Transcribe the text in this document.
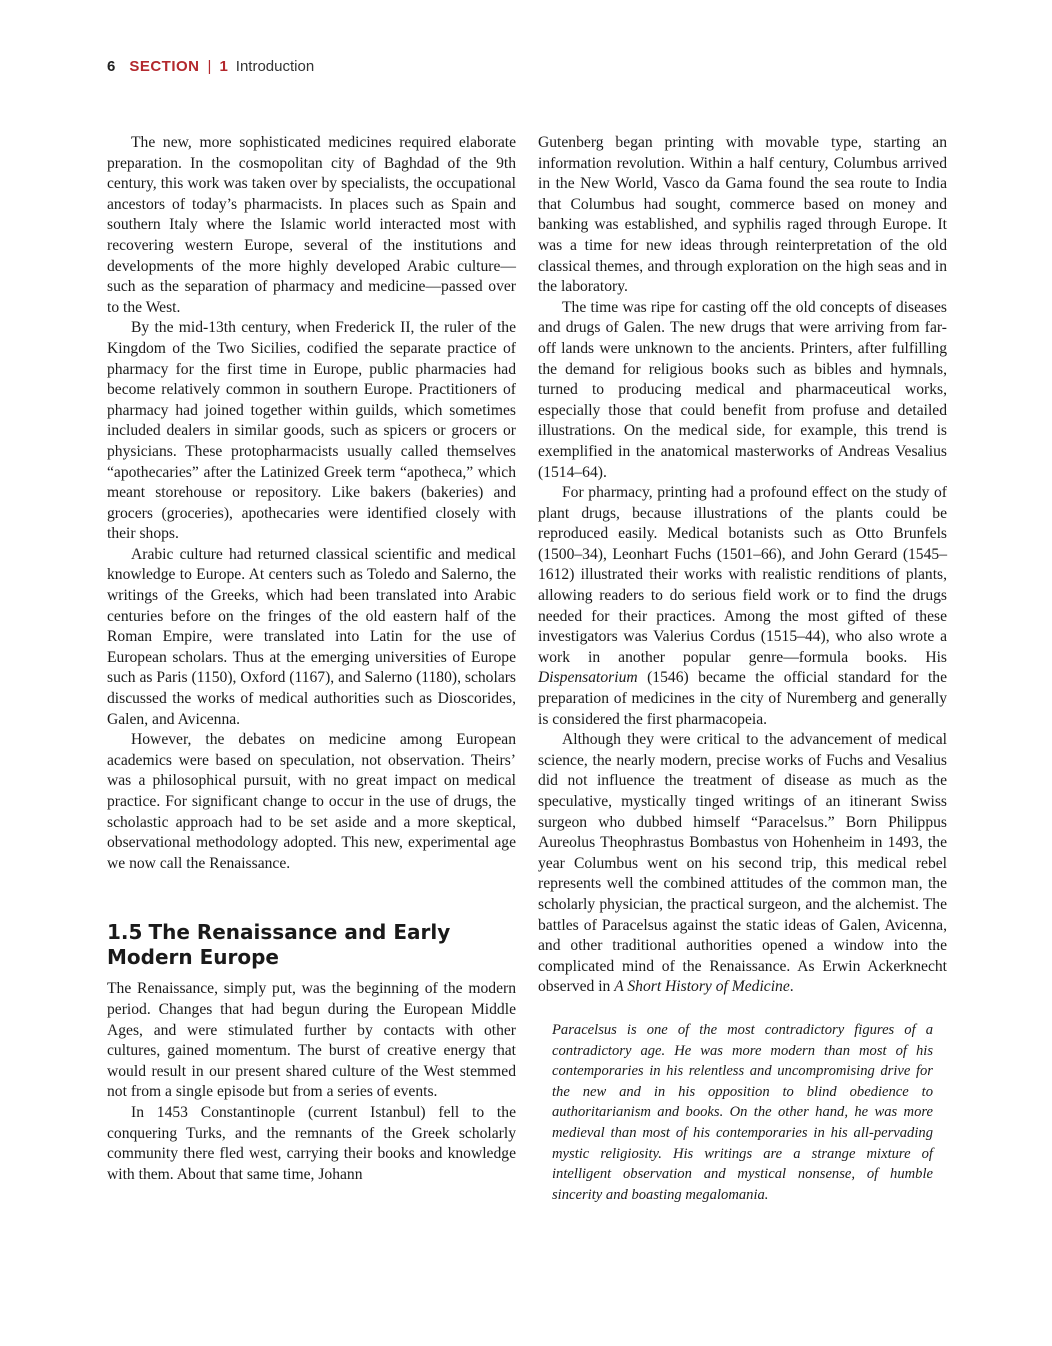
6 SECTION | 1 Introduction

The new, more sophisticated medicines required elaborate preparation. In the cosmopolitan city of Baghdad of the 9th century, this work was taken over by specialists, the occupational ancestors of today’s pharmacists. In places such as Spain and southern Italy where the Islamic world interacted most with recovering western Europe, several of the institutions and developments of the more highly developed Arabic culture—such as the separation of pharmacy and medicine—passed over to the West.

By the mid-13th century, when Frederick II, the ruler of the Kingdom of the Two Sicilies, codified the separate practice of pharmacy for the first time in Europe, public pharmacies had become relatively common in southern Europe. Practitioners of pharmacy had joined together within guilds, which sometimes included dealers in similar goods, such as spicers or grocers or physicians. These protopharmacists usually called themselves “apothecaries” after the Latinized Greek term “apotheca,” which meant storehouse or repository. Like bakers (bakeries) and grocers (groceries), apothecaries were identified closely with their shops.

Arabic culture had returned classical scientific and medical knowledge to Europe. At centers such as Toledo and Salerno, the writings of the Greeks, which had been translated into Arabic centuries before on the fringes of the old eastern half of the Roman Empire, were translated into Latin for the use of European scholars. Thus at the emerging universities of Europe such as Paris (1150), Oxford (1167), and Salerno (1180), scholars discussed the works of medical authorities such as Dioscorides, Galen, and Avicenna.

However, the debates on medicine among European academics were based on speculation, not observation. Theirs’ was a philosophical pursuit, with no great impact on medical practice. For significant change to occur in the use of drugs, the scholastic approach had to be set aside and a more skeptical, observational methodology adopted. This new, experimental age we now call the Renaissance.

1.5 The Renaissance and Early Modern Europe

The Renaissance, simply put, was the beginning of the modern period. Changes that had begun during the European Middle Ages, and were stimulated further by contacts with other cultures, gained momentum. The burst of creative energy that would result in our present shared culture of the West stemmed not from a single episode but from a series of events.

In 1453 Constantinople (current Istanbul) fell to the conquering Turks, and the remnants of the Greek scholarly community there fled west, carrying their books and knowledge with them. About that same time, Johann

Gutenberg began printing with movable type, starting an information revolution. Within a half century, Columbus arrived in the New World, Vasco da Gama found the sea route to India that Columbus had sought, commerce based on money and banking was established, and syphilis raged through Europe. It was a time for new ideas through reinterpretation of the old classical themes, and through exploration on the high seas and in the laboratory.

The time was ripe for casting off the old concepts of diseases and drugs of Galen. The new drugs that were arriving from far-off lands were unknown to the ancients. Printers, after fulfilling the demand for religious books such as bibles and hymnals, turned to producing medical and pharmaceutical works, especially those that could benefit from profuse and detailed illustrations. On the medical side, for example, this trend is exemplified in the anatomical masterworks of Andreas Vesalius (1514–64).

For pharmacy, printing had a profound effect on the study of plant drugs, because illustrations of the plants could be reproduced easily. Medical botanists such as Otto Brunfels (1500–34), Leonhart Fuchs (1501–66), and John Gerard (1545–1612) illustrated their works with realistic renditions of plants, allowing readers to do serious field work or to find the drugs needed for their practices. Among the most gifted of these investigators was Valerius Cordus (1515–44), who also wrote a work in another popular genre—formula books. His Dispensatorium (1546) became the official standard for the preparation of medicines in the city of Nuremberg and generally is considered the first pharmacopeia.

Although they were critical to the advancement of medical science, the nearly modern, precise works of Fuchs and Vesalius did not influence the treatment of disease as much as the speculative, mystically tinged writings of an itinerant Swiss surgeon who dubbed himself “Paracelsus.” Born Philippus Aureolus Theophrastus Bombastus von Hohenheim in 1493, the year Columbus went on his second trip, this medical rebel represents well the combined attitudes of the common man, the scholarly physician, the practical surgeon, and the alchemist. The battles of Paracelsus against the static ideas of Galen, Avicenna, and other traditional authorities opened a window into the complicated mind of the Renaissance. As Erwin Ackerknecht observed in A Short History of Medicine.

Paracelsus is one of the most contradictory figures of a contradictory age. He was more modern than most of his contemporaries in his relentless and uncompromising drive for the new and in his opposition to blind obedience to authoritarianism and books. On the other hand, he was more medieval than most of his contemporaries in his all-pervading mystic religiosity. His writings are a strange mixture of intelligent observation and mystical nonsense, of humble sincerity and boasting megalomania.
